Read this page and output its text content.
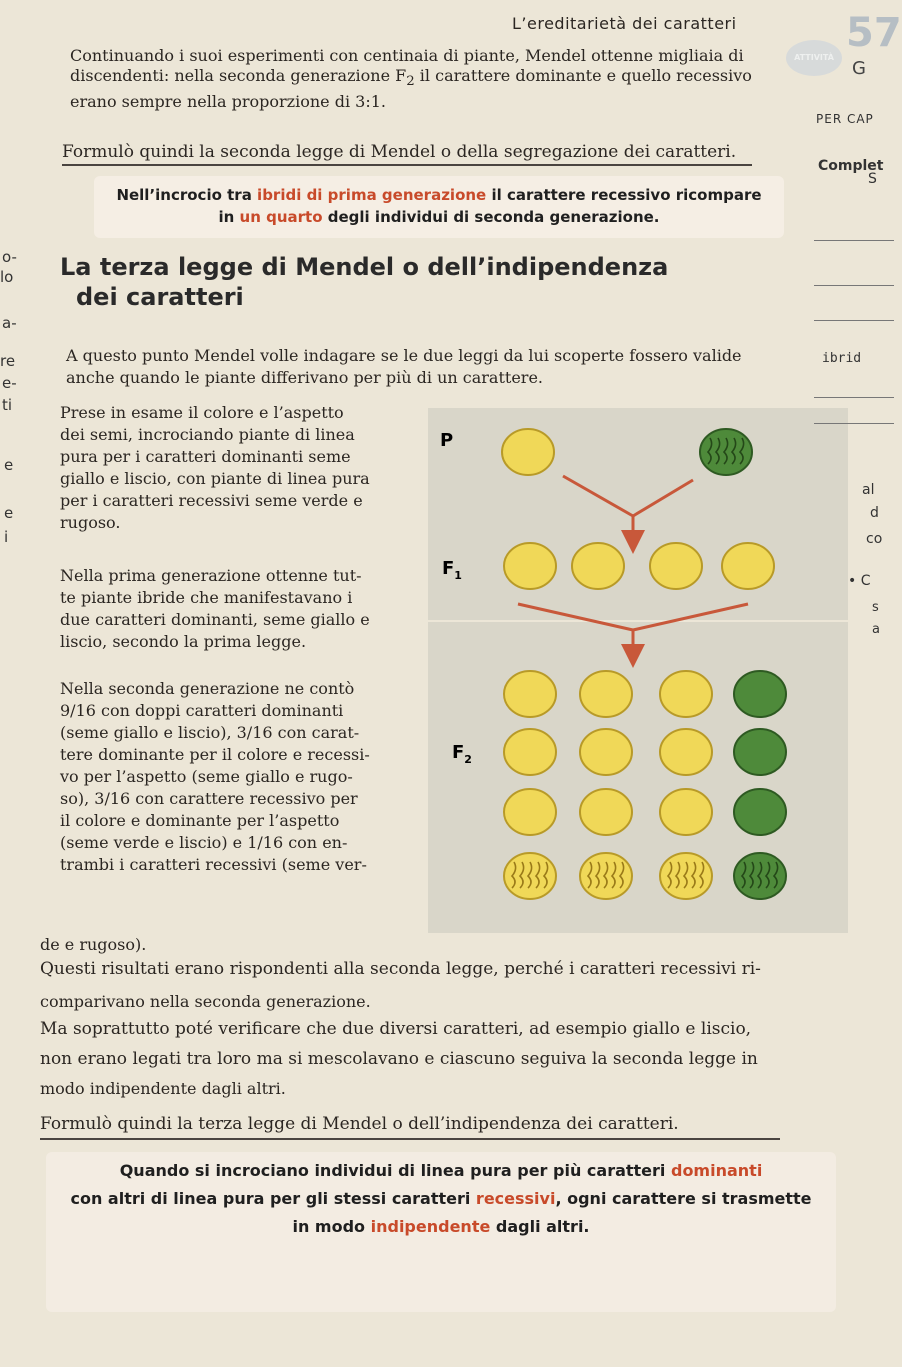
L’ereditarietà dei caratteri	57
ATTIVITÀ
G
Continuando i suoi esperimenti con centinaia di piante, Mendel ottenne migliaia di
discendenti: nella seconda generazione $F_2$ il carattere dominante e quello recessivo
erano sempre nella proporzione di 3:1.
Formulò quindi la seconda legge di Mendel o della segregazione dei caratteri.
Nell’incrocio tra ibridi di prima generazione il carattere recessivo ricompare
in un quarto degli individui di seconda generazione.
La terza legge di Mendel o dell’indipendenza
dei caratteri
A questo punto Mendel volle indagare se le due leggi da lui scoperte fossero valide
anche quando le piante differivano per più di un carattere.
Prese in esame il colore e l’aspetto
dei semi, incrociando piante di linea
pura per i caratteri dominanti seme
giallo e liscio, con piante di linea pura
per i caratteri recessivi seme verde e
rugoso.
Nella prima generazione ottenne tut-
te piante ibride che manifestavano i
due caratteri dominanti, seme giallo e
liscio, secondo la prima legge.
Nella seconda generazione ne contò
9/16 con doppi caratteri dominanti
(seme giallo e liscio), 3/16 con carat-
tere dominante per il colore e recessi-
vo per l’aspetto (seme giallo e rugo-
so), 3/16 con carattere recessivo per
il colore e dominante per l’aspetto
(seme verde e liscio) e 1/16 con en-
trambi i caratteri recessivi (seme ver-
P
$F_1$
$F_2$
de e rugoso).
Questi risultati erano rispondenti alla seconda legge, perché i caratteri recessivi ri-
comparivano nella seconda generazione.
Ma soprattutto poté verificare che due diversi caratteri, ad esempio giallo e liscio,
non erano legati tra loro ma si mescolavano e ciascuno seguiva la seconda legge in
modo indipendente dagli altri.
Formulò quindi la terza legge di Mendel o dell’indipendenza dei caratteri.
Quando si incrociano individui di linea pura per più caratteri dominanti
con altri di linea pura per gli stessi caratteri recessivi, ogni carattere si trasmette
in modo indipendente dagli altri.
PER CAP
Complet
S
ibrid
al
d
co
• C
s
a
o-
lo
a-
re
e-
ti
e
e
i
